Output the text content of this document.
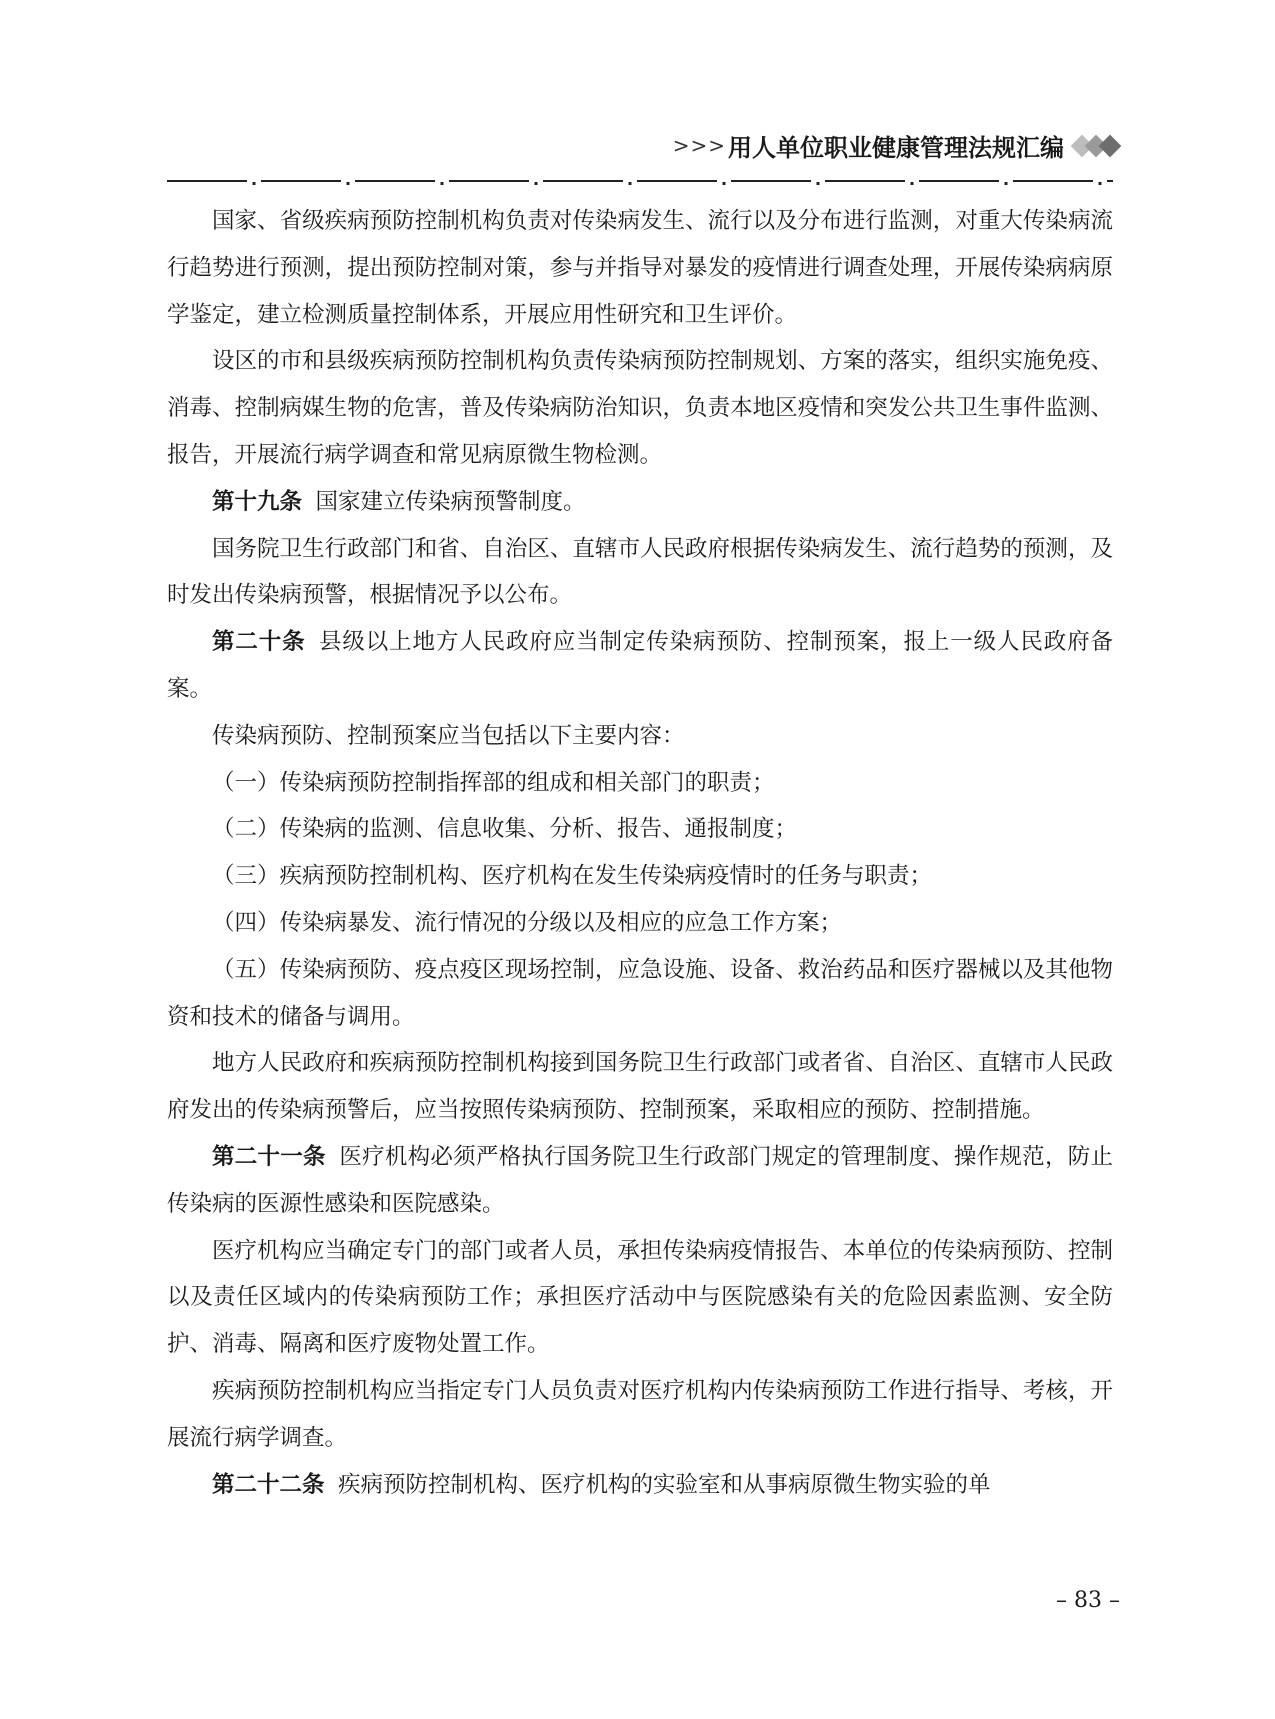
>>>用人单位职业健康管理法规汇编

国家、省级疾病预防控制机构负责对传染病发生、流行以及分布进行监测，对重大传染病流行趋势进行预测，提出预防控制对策，参与并指导对暴发的疫情进行调查处理，开展传染病病原学鉴定，建立检测质量控制体系，开展应用性研究和卫生评价。

设区的市和县级疾病预防控制机构负责传染病预防控制规划、方案的落实，组织实施免疫、消毒、控制病媒生物的危害，普及传染病防治知识，负责本地区疫情和突发公共卫生事件监测、报告，开展流行病学调查和常见病原微生物检测。

第十九条 国家建立传染病预警制度。

国务院卫生行政部门和省、自治区、直辖市人民政府根据传染病发生、流行趋势的预测，及时发出传染病预警，根据情况予以公布。

第二十条 县级以上地方人民政府应当制定传染病预防、控制预案，报上一级人民政府备案。

传染病预防、控制预案应当包括以下主要内容：

（一）传染病预防控制指挥部的组成和相关部门的职责；

（二）传染病的监测、信息收集、分析、报告、通报制度；

（三）疾病预防控制机构、医疗机构在发生传染病疫情时的任务与职责；

（四）传染病暴发、流行情况的分级以及相应的应急工作方案；

（五）传染病预防、疫点疫区现场控制，应急设施、设备、救治药品和医疗器械以及其他物资和技术的储备与调用。

地方人民政府和疾病预防控制机构接到国务院卫生行政部门或者省、自治区、直辖市人民政府发出的传染病预警后，应当按照传染病预防、控制预案，采取相应的预防、控制措施。

第二十一条 医疗机构必须严格执行国务院卫生行政部门规定的管理制度、操作规范，防止传染病的医源性感染和医院感染。

医疗机构应当确定专门的部门或者人员，承担传染病疫情报告、本单位的传染病预防、控制以及责任区域内的传染病预防工作；承担医疗活动中与医院感染有关的危险因素监测、安全防护、消毒、隔离和医疗废物处置工作。

疾病预防控制机构应当指定专门人员负责对医疗机构内传染病预防工作进行指导、考核，开展流行病学调查。

第二十二条 疾病预防控制机构、医疗机构的实验室和从事病原微生物实验的单

– 83 –
